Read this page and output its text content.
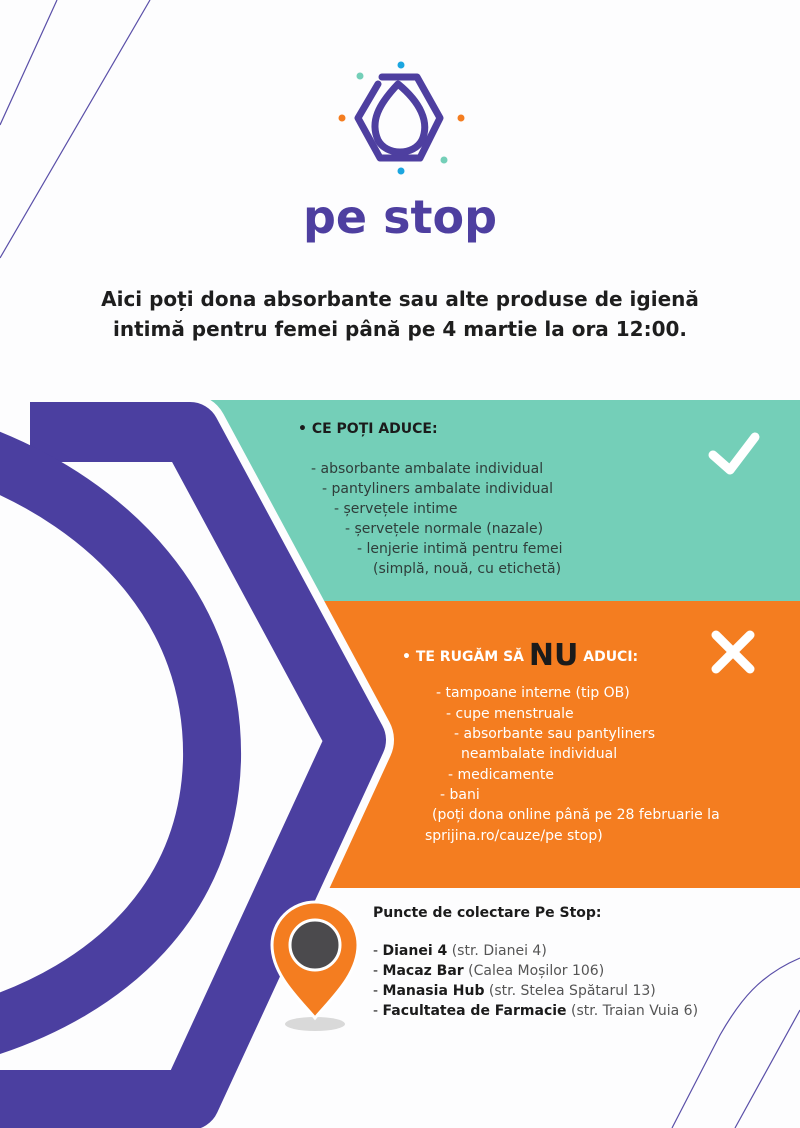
pe stop
Aici poți dona absorbante sau alte produse de igienă
intimă pentru femei până pe 4 martie la ora 12:00.
• CE POȚI ADUCE:
- absorbante ambalate individual
- pantyliners ambalate individual
- șervețele intime
- șervețele normale (nazale)
- lenjerie intimă pentru femei
(simplă, nouă, cu etichetă)
• TE RUGĂM SĂ NU ADUCI:
- tampoane interne (tip OB)
- cupe menstruale
- absorbante sau pantyliners
neambalate individual
- medicamente
- bani
(poți dona online până pe 28 februarie la
sprijina.ro/cauze/pe stop)
Puncte de colectare Pe Stop:
- Dianei 4 (str. Dianei 4)
- Macaz Bar (Calea Moșilor 106)
- Manasia Hub (str. Stelea Spătarul 13)
- Facultatea de Farmacie (str. Traian Vuia 6)
